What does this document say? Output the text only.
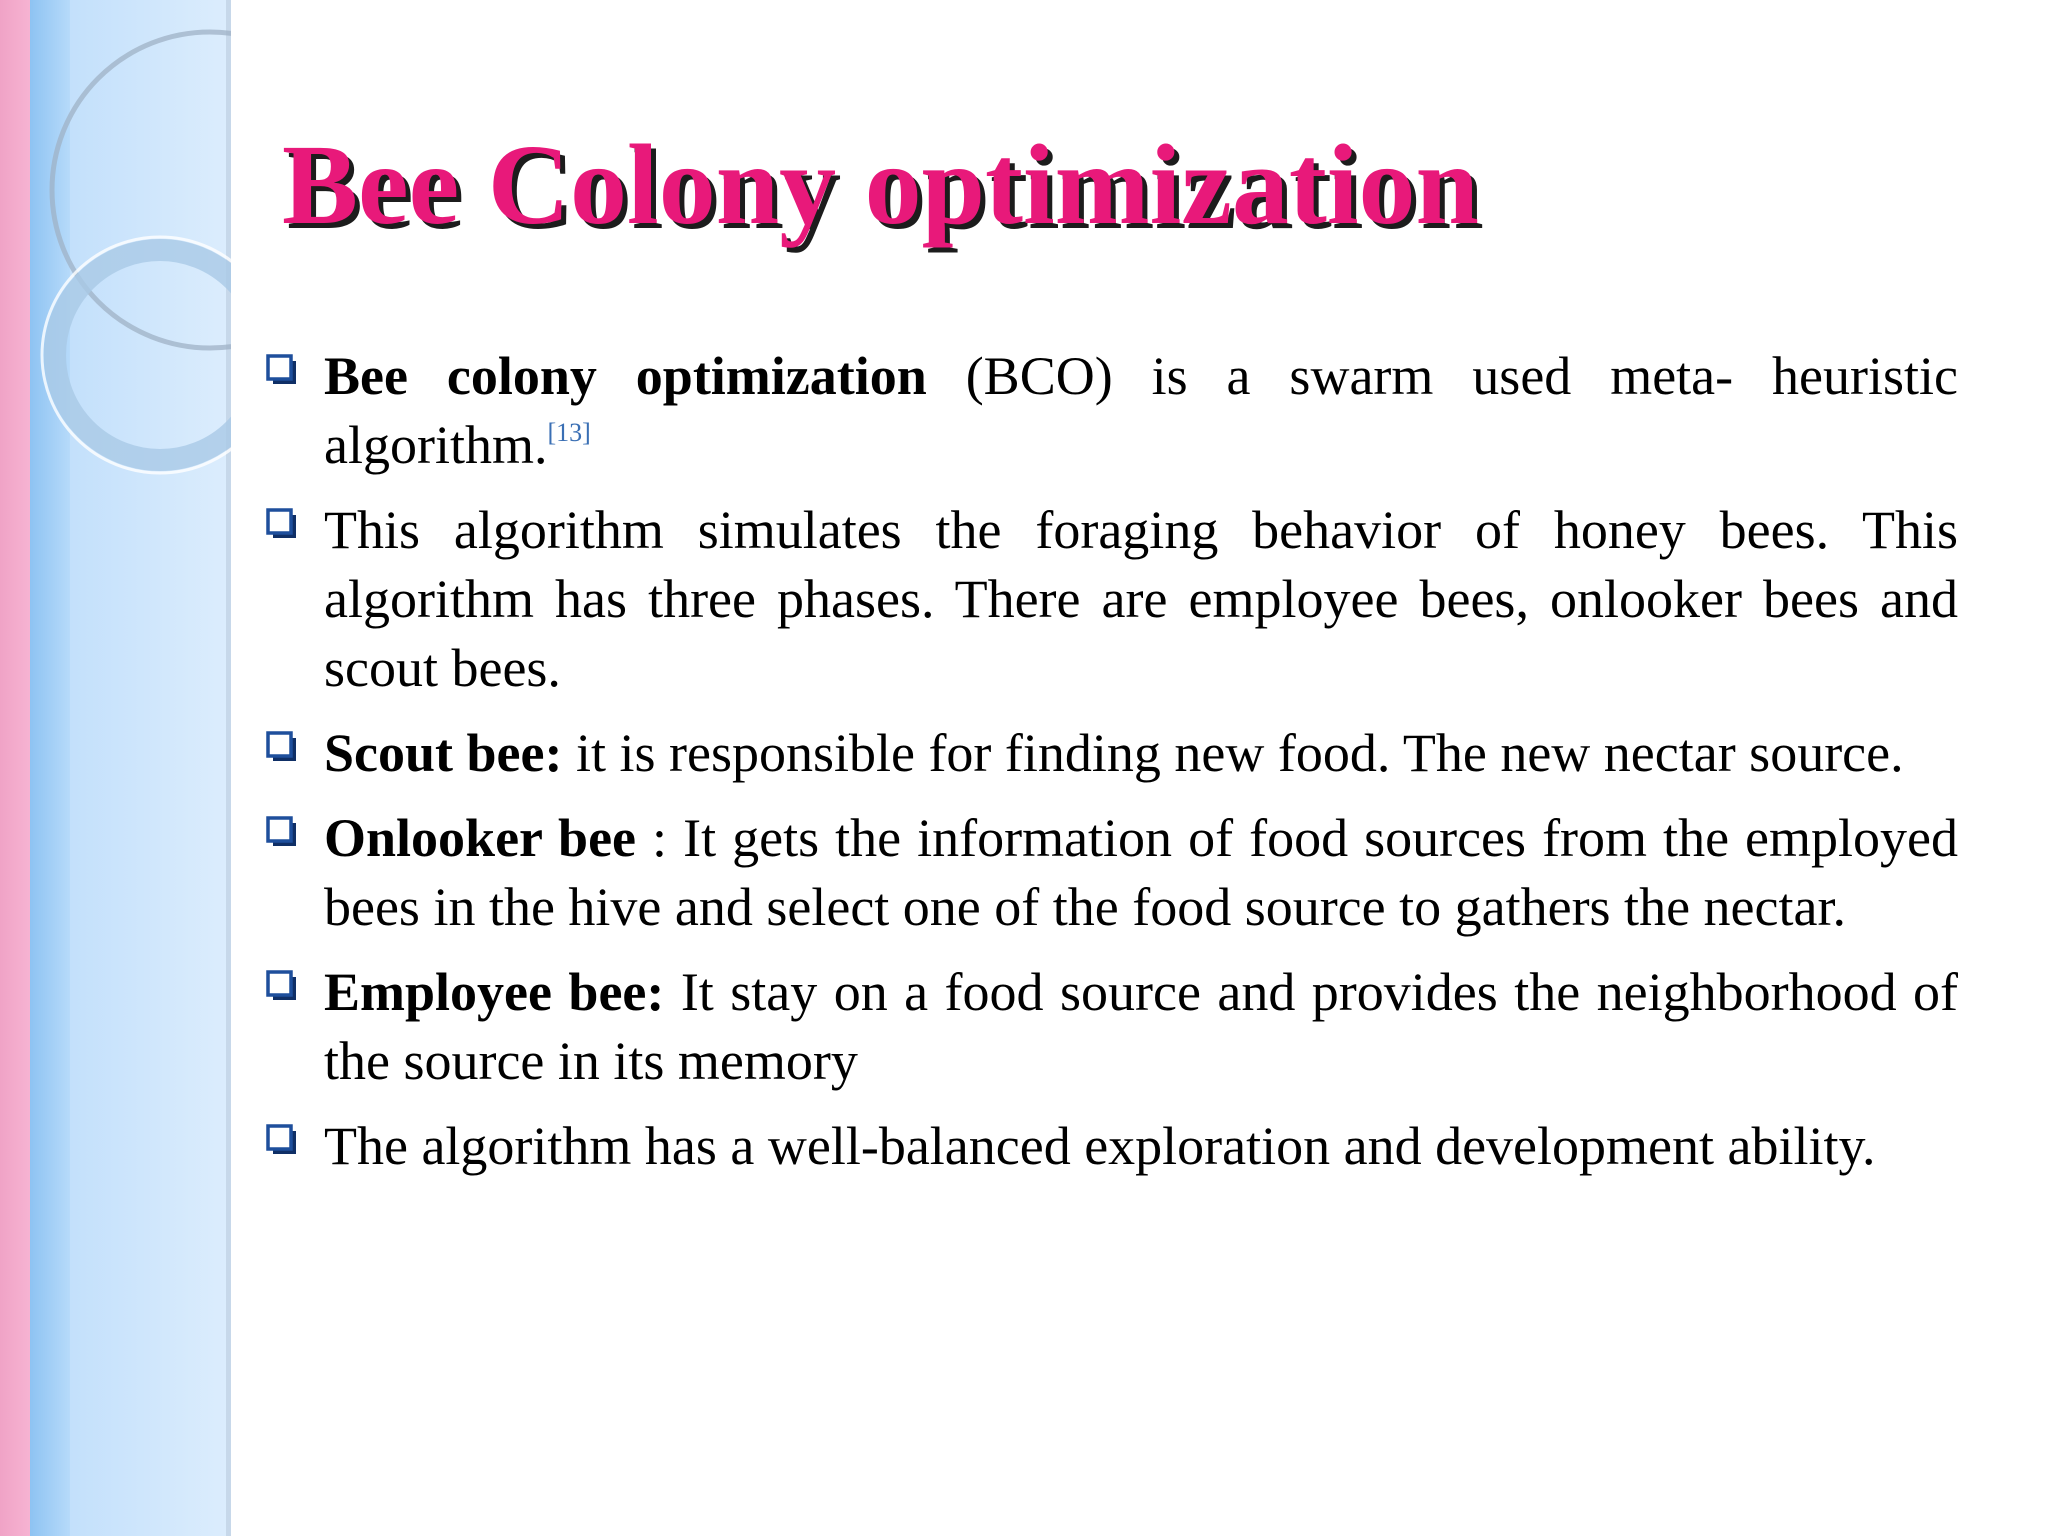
Bee Colony optimization
Bee colony optimization (BCO) is a swarm used meta- heuristic algorithm.[13]
This algorithm simulates the foraging behavior of honey bees. This algorithm has three phases. There are employee bees, onlooker bees and scout bees.
Scout bee: it is responsible for finding new food. The new nectar source.
Onlooker bee : It gets the information of food sources from the employed bees in the hive and select one of the food source to gathers the nectar.
Employee bee: It stay on a food source and provides the neighborhood of the source in its memory
The algorithm has a well-balanced exploration and development ability.
